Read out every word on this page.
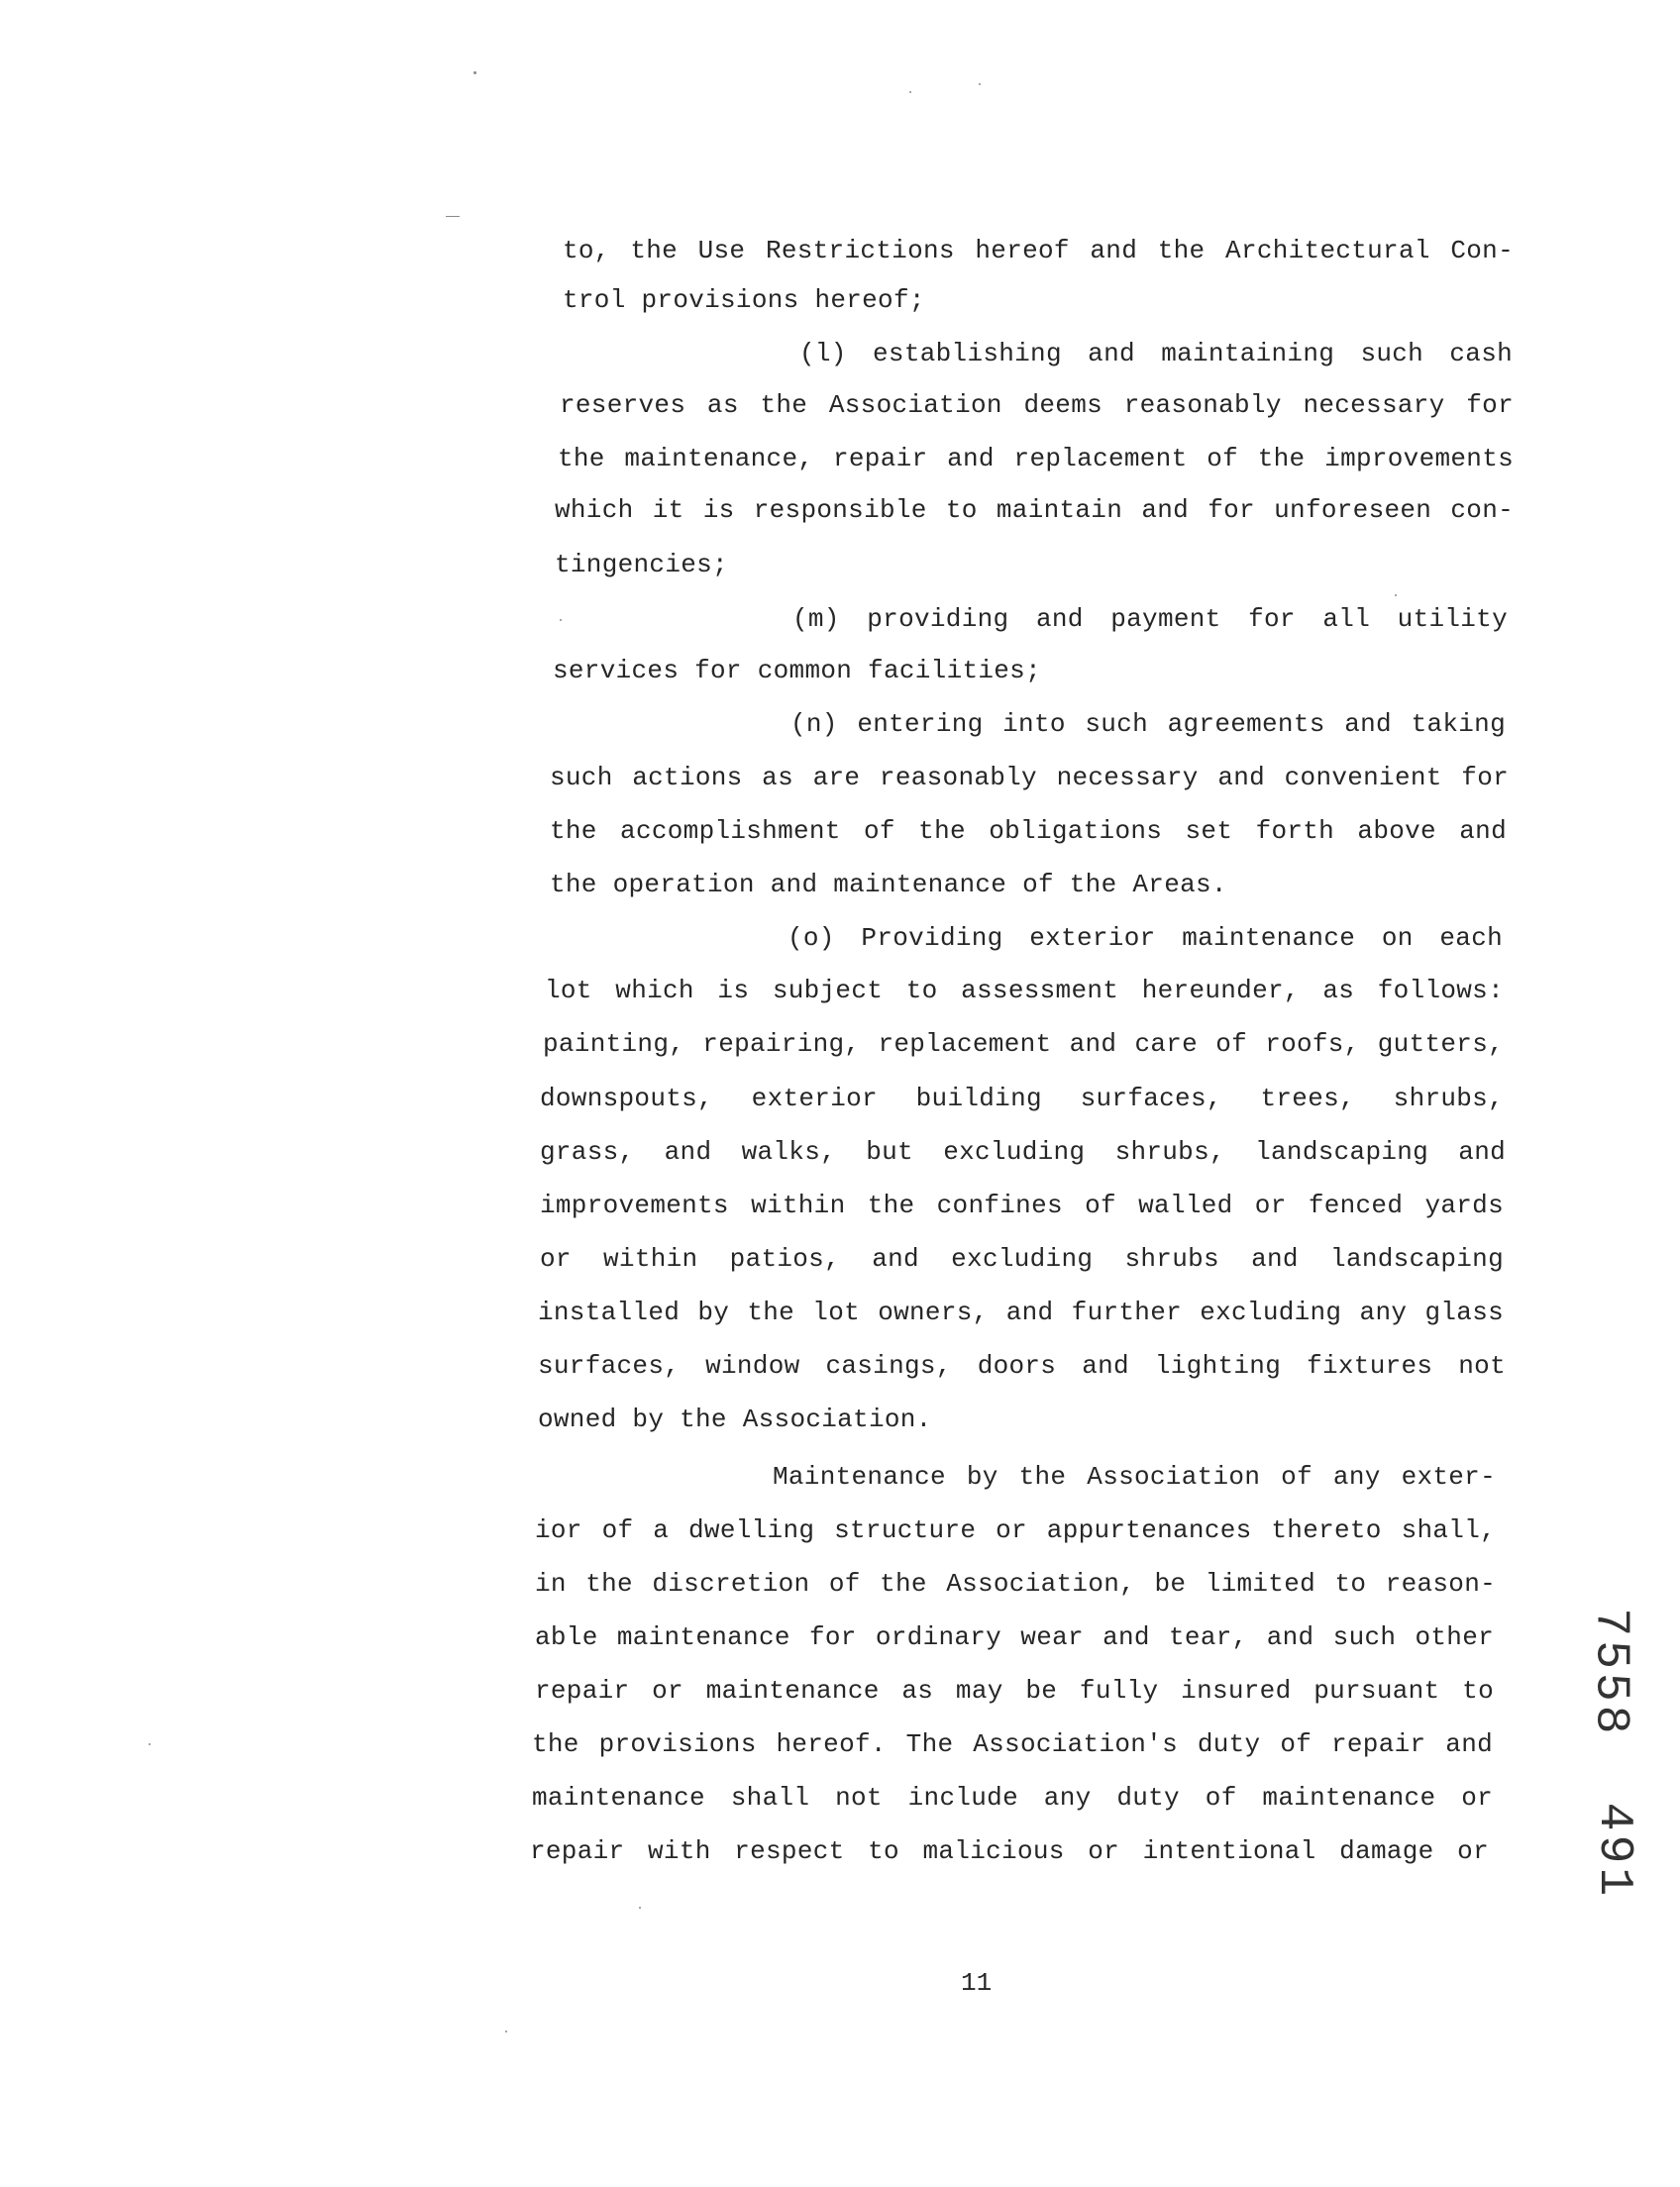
to, the Use Restrictions hereof and the Architectural Con-
trol provisions hereof;
(l) establishing and maintaining such cash
reserves as the Association deems reasonably necessary for
the maintenance, repair and replacement of the improvements
which it is responsible to maintain and for unforeseen con-
tingencies;
(m) providing and payment for all utility
services for common facilities;
(n) entering into such agreements and taking
such actions as are reasonably necessary and convenient for
the accomplishment of the obligations set forth above and
the operation and maintenance of the Areas.
(o) Providing exterior maintenance on each
lot which is subject to assessment hereunder, as follows:
painting, repairing, replacement and care of roofs, gutters,
downspouts, exterior building surfaces, trees, shrubs,
grass, and walks, but excluding shrubs, landscaping and
improvements within the confines of walled or fenced yards
or within patios, and excluding shrubs and landscaping
installed by the lot owners, and further excluding any glass
surfaces, window casings, doors and lighting fixtures not
owned by the Association.
Maintenance by the Association of any exter-
ior of a dwelling structure or appurtenances thereto shall,
in the discretion of the Association, be limited to reason-
able maintenance for ordinary wear and tear, and such other
repair or maintenance as may be fully insured pursuant to
the provisions hereof. The Association's duty of repair and
maintenance shall not include any duty of maintenance or
repair with respect to malicious or intentional damage or
11
7558
491
